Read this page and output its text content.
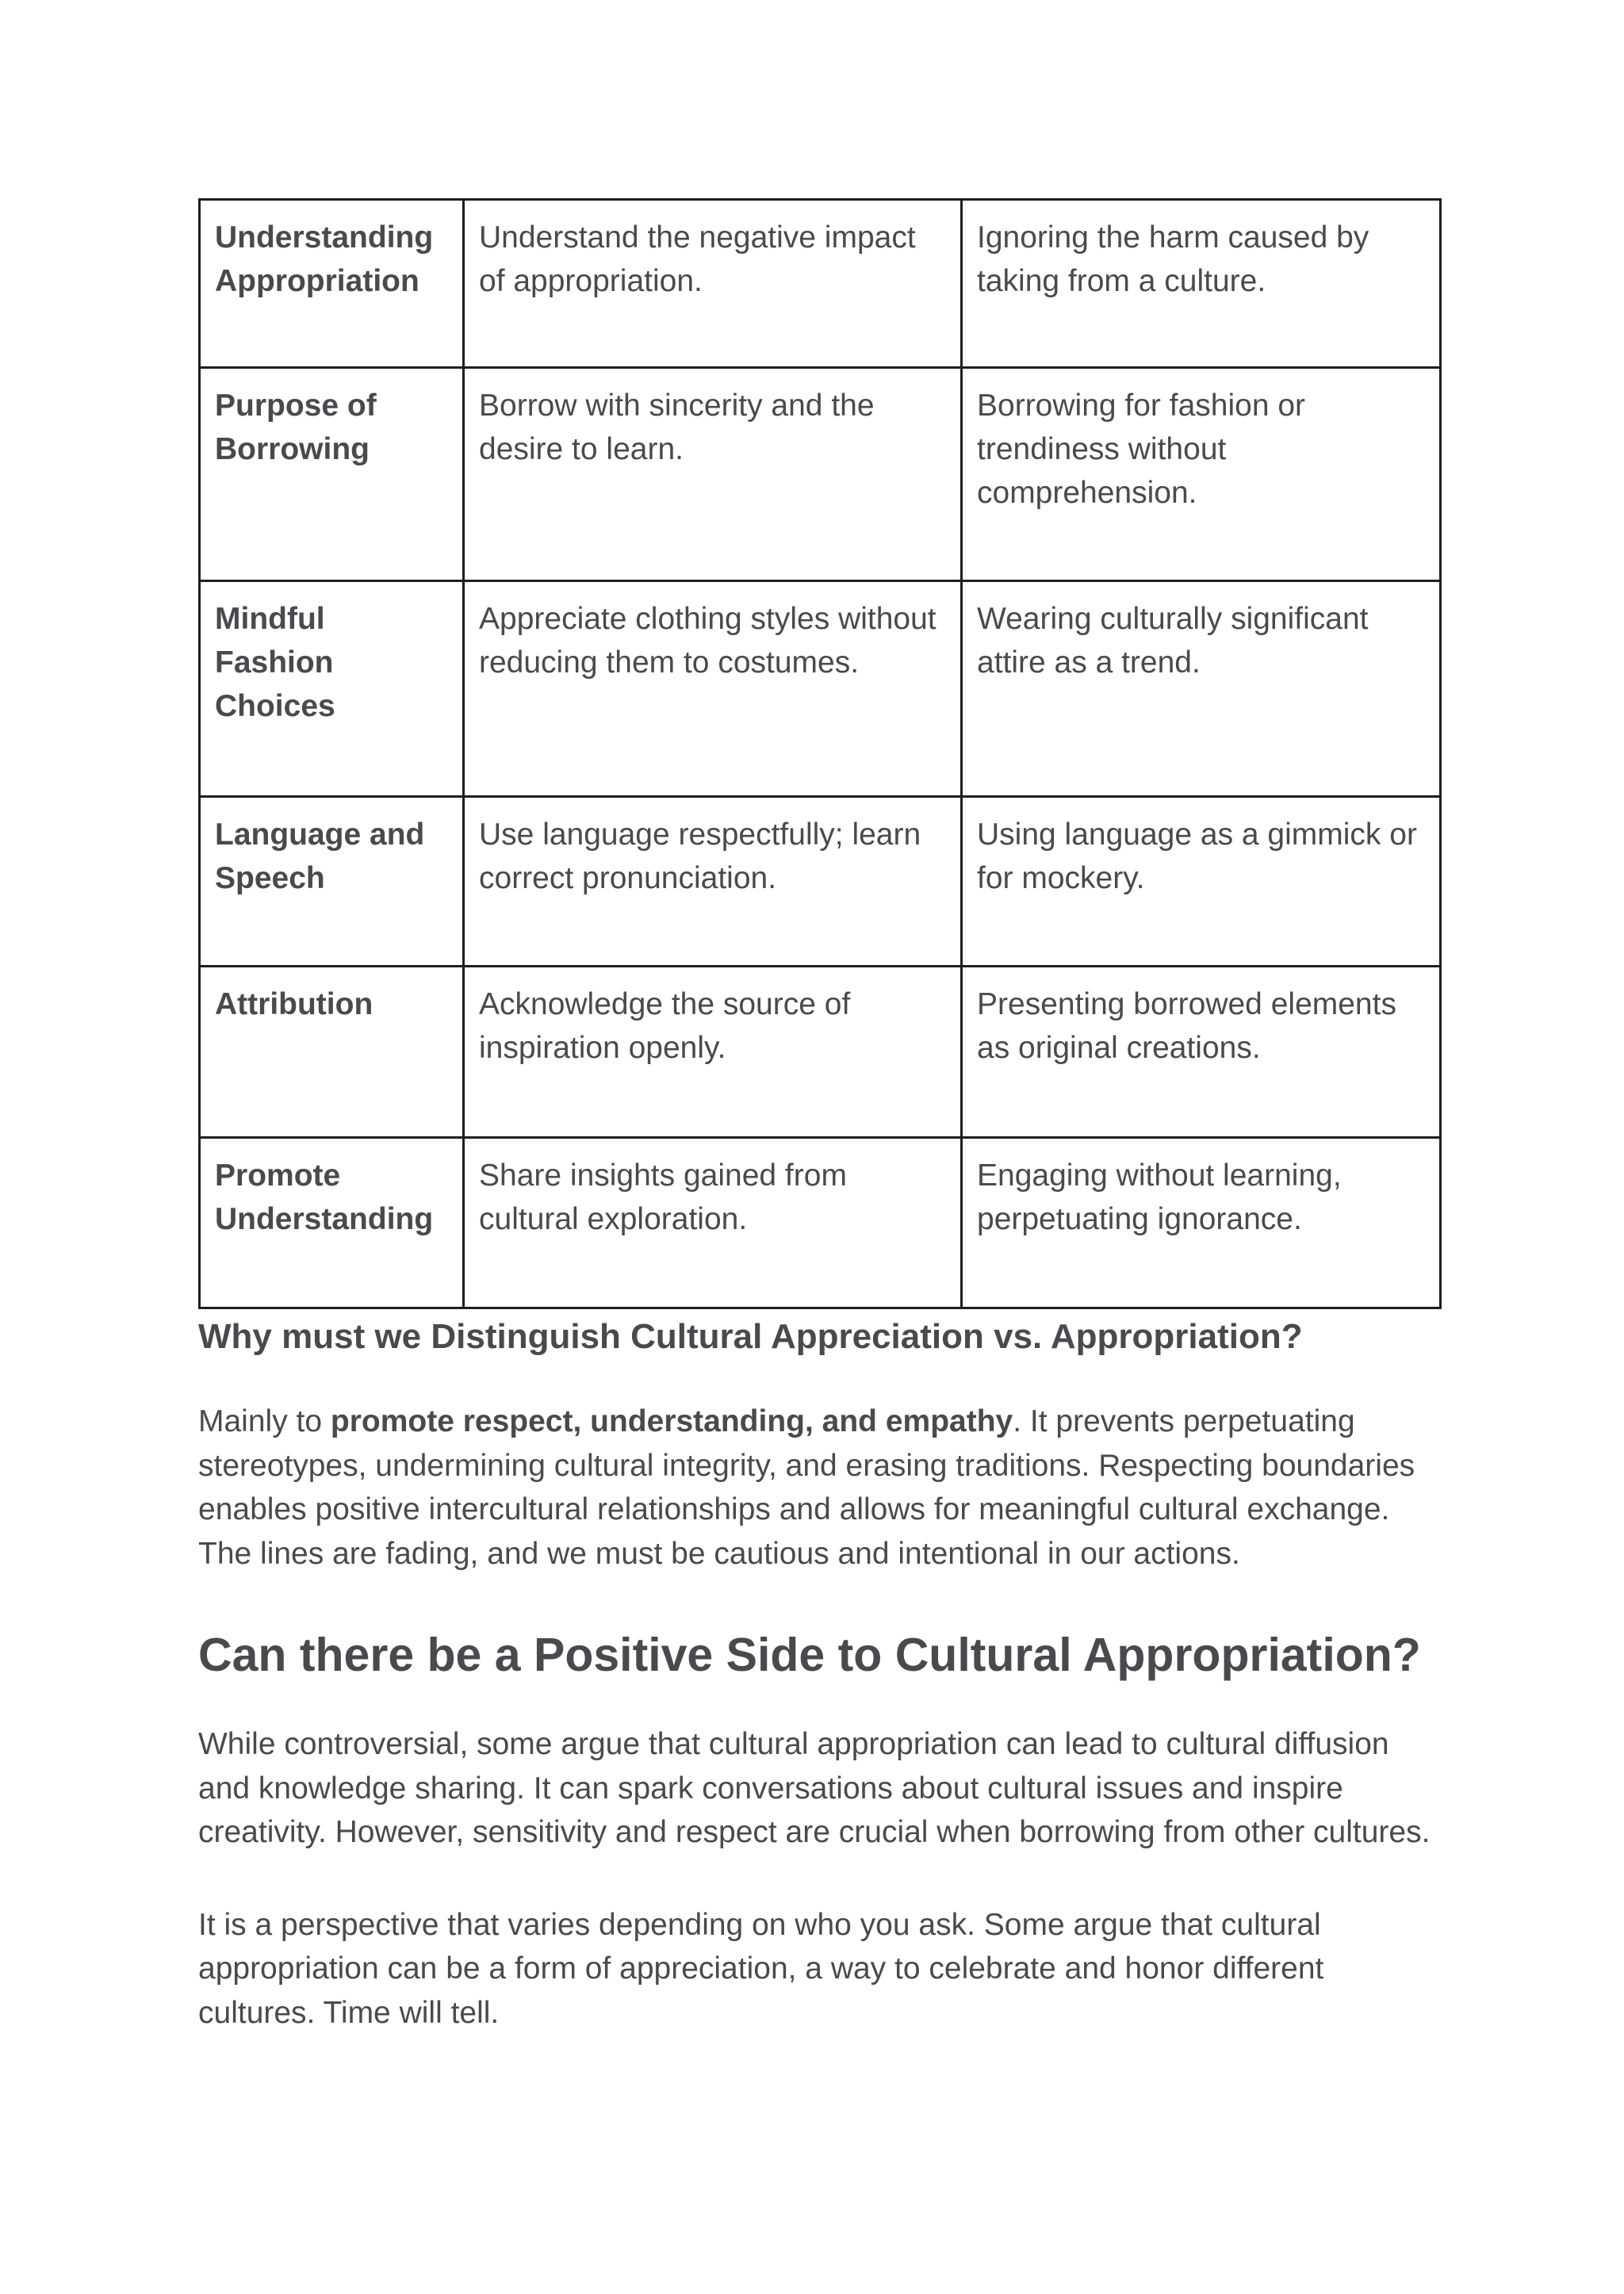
Understanding Appropriation	Understand the negative impact of appropriation.	Ignoring the harm caused by taking from a culture.
Purpose of Borrowing	Borrow with sincerity and the desire to learn.	Borrowing for fashion or trendiness without comprehension.
Mindful Fashion Choices	Appreciate clothing styles without reducing them to costumes.	Wearing culturally significant attire as a trend.
Language and Speech	Use language respectfully; learn correct pronunciation.	Using language as a gimmick or for mockery.
Attribution	Acknowledge the source of inspiration openly.	Presenting borrowed elements as original creations.
Promote Understanding	Share insights gained from cultural exploration.	Engaging without learning, perpetuating ignorance.
Why must we Distinguish Cultural Appreciation vs. Appropriation?

Mainly to promote respect, understanding, and empathy. It prevents perpetuating stereotypes, undermining cultural integrity, and erasing traditions. Respecting boundaries enables positive intercultural relationships and allows for meaningful cultural exchange. The lines are fading, and we must be cautious and intentional in our actions.

Can there be a Positive Side to Cultural Appropriation?

While controversial, some argue that cultural appropriation can lead to cultural diffusion and knowledge sharing. It can spark conversations about cultural issues and inspire creativity. However, sensitivity and respect are crucial when borrowing from other cultures.

It is a perspective that varies depending on who you ask. Some argue that cultural appropriation can be a form of appreciation, a way to celebrate and honor different cultures. Time will tell.
